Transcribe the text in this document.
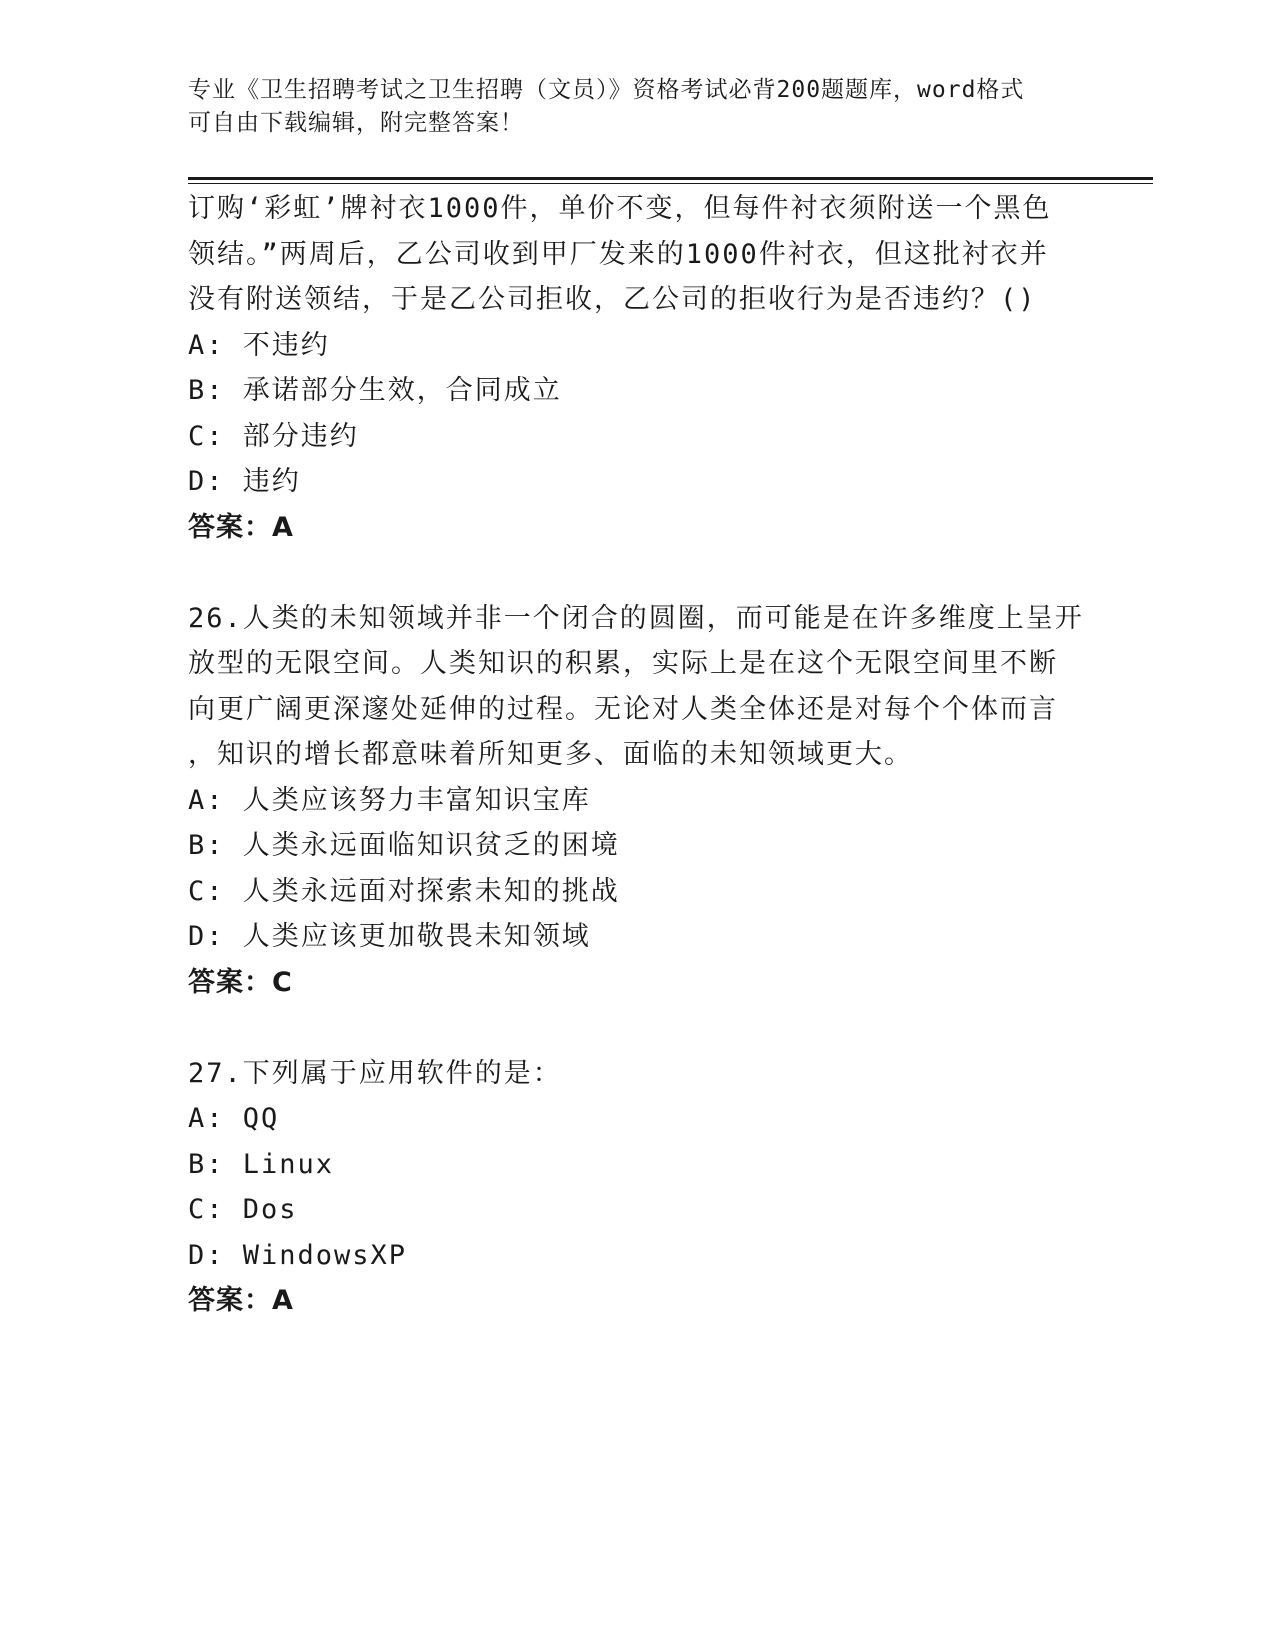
专业《卫生招聘考试之卫生招聘（文员）》资格考试必背200题题库，word格式
可自由下载编辑，附完整答案！
订购‘彩虹’牌衬衣1000件，单价不变，但每件衬衣须附送一个黑色
领结。”两周后，乙公司收到甲厂发来的1000件衬衣，但这批衬衣并
没有附送领结，于是乙公司拒收，乙公司的拒收行为是否违约？()
A: 不违约
B: 承诺部分生效，合同成立
C: 部分违约
D: 违约
答案：A
26.人类的未知领域并非一个闭合的圆圈，而可能是在许多维度上呈开
放型的无限空间。人类知识的积累，实际上是在这个无限空间里不断
向更广阔更深邃处延伸的过程。无论对人类全体还是对每个个体而言
，知识的增长都意味着所知更多、面临的未知领域更大。
A: 人类应该努力丰富知识宝库
B: 人类永远面临知识贫乏的困境
C: 人类永远面对探索未知的挑战
D: 人类应该更加敬畏未知领域
答案：C
27.下列属于应用软件的是：
A: QQ
B: Linux
C: Dos
D: WindowsXP
答案：A
